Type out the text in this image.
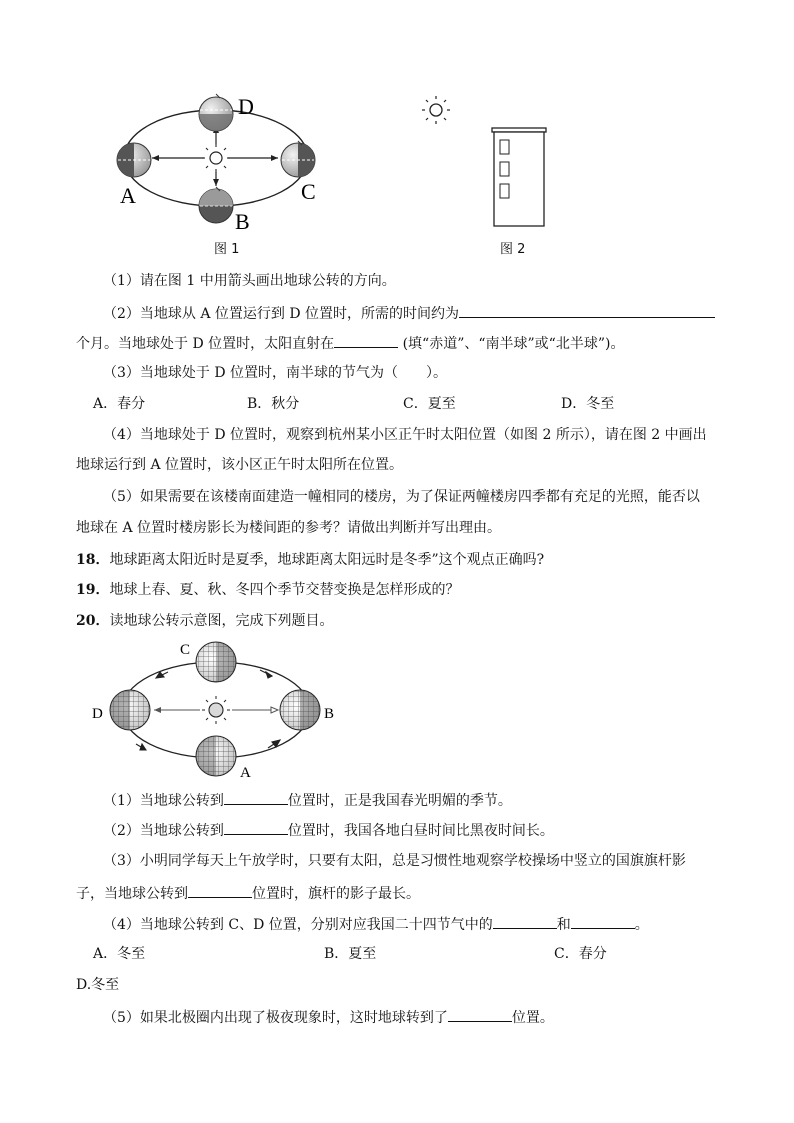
D
A	C
B
图 1	图 2
（1）请在图 1 中用箭头画出地球公转的方向。
（2）当地球从 A 位置运行到 D 位置时，所需的时间约为
个月。当地球处于 D 位置时，太阳直射在	(填“赤道”、“南半球”或“北半球”)。
（3）当地球处于 D 位置时，南半球的节气为（　　）。
A．春分	B．秋分	C．夏至	D．冬至
（4）当地球处于 D 位置时，观察到杭州某小区正午时太阳位置（如图 2 所示），请在图 2 中画出
地球运行到 A 位置时，该小区正午时太阳所在位置。
（5）如果需要在该楼南面建造一幢相同的楼房，为了保证两幢楼房四季都有充足的光照，能否以
地球在 A 位置时楼房影长为楼间距的参考？请做出判断并写出理由。
18．地球距离太阳近时是夏季，地球距离太阳远时是冬季”这个观点正确吗?
19．地球上春、夏、秋、冬四个季节交替变换是怎样形成的？
20．读地球公转示意图，完成下列题目。
C
D	B
A
（1）当地球公转到	位置时，正是我国春光明媚的季节。
（2）当地球公转到	位置时，我国各地白昼时间比黑夜时间长。
（3）小明同学每天上午放学时，只要有太阳，总是习惯性地观察学校操场中竖立的国旗旗杆影
子，当地球公转到	位置时，旗杆的影子最长。
（4）当地球公转到 C、D 位置，分别对应我国二十四节气中的	和	。
A．冬至	B．夏至	C．春分
D.冬至
（5）如果北极圈内出现了极夜现象时，这时地球转到了	位置。
